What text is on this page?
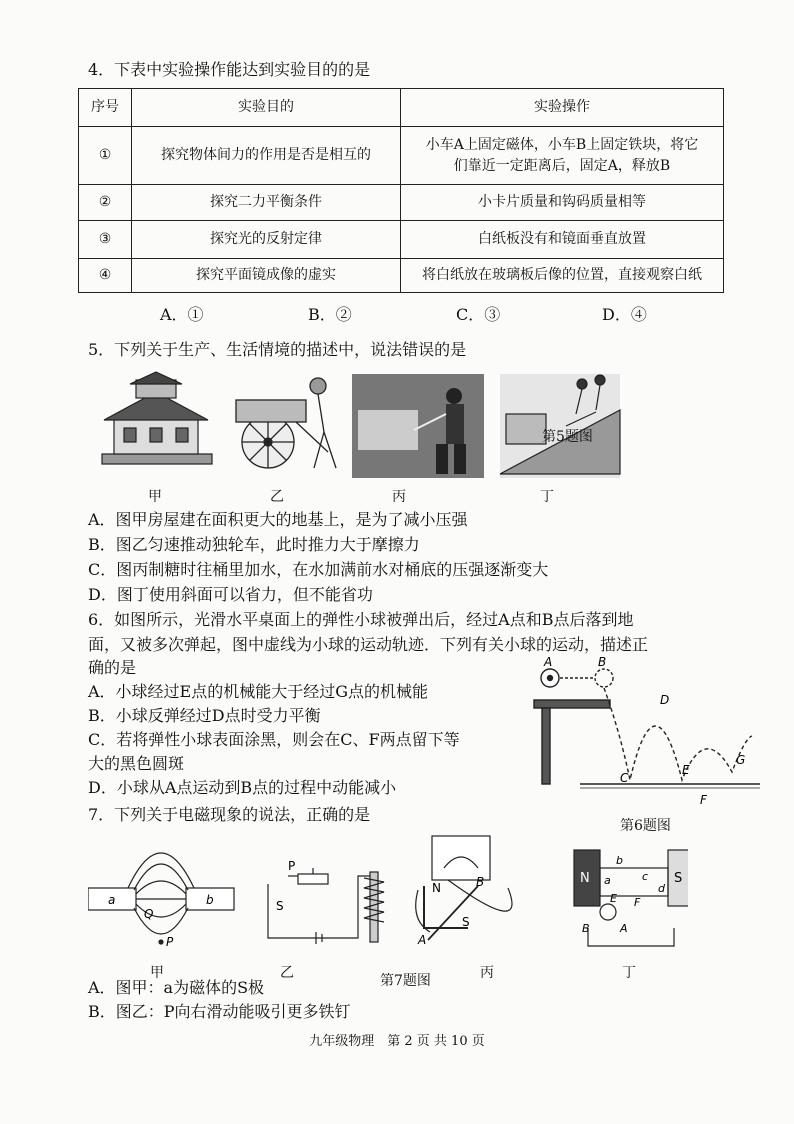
4．下表中实验操作能达到实验目的的是
序号	实验目的	实验操作
①	探究物体间力的作用是否是相互的	小车A上固定磁体，小车B上固定铁块，将它
们靠近一定距离后，固定A，释放B
②	探究二力平衡条件	小卡片质量和钩码质量相等
③	探究光的反射定律	白纸板没有和镜面垂直放置
④	探究平面镜成像的虚实	将白纸放在玻璃板后像的位置，直接观察白纸
A．①	B．②	C．③	D．④
5．下列关于生产、生活情境的描述中，说法错误的是
第5题图
甲	乙	丙	丁
A．图甲房屋建在面积更大的地基上，是为了减小压强
B．图乙匀速推动独轮车，此时推力大于摩擦力
C．图丙制糖时往桶里加水，在水加满前水对桶底的压强逐渐变大
D．图丁使用斜面可以省力，但不能省功
6．如图所示，光滑水平桌面上的弹性小球被弹出后，经过A点和B点后落到地
面，又被多次弹起，图中虚线为小球的运动轨迹．下列有关小球的运动，描述正
确的是
A．小球经过E点的机械能大于经过G点的机械能
B．小球反弹经过D点时受力平衡
C．若将弹性小球表面涂黑，则会在C、F两点留下等
大的黑色圆斑
D．小球从A点运动到B点的过程中动能减小
A	B
C
D
E
F
G
第6题图
7．下列关于电磁现象的说法，正确的是
a	b
Q
P
P
S
N
S
A
B	N	S
b
a	c
d
E F
B	A
甲	乙	第7题图	丙	丁
A．图甲：a为磁体的S极
B．图乙：P向右滑动能吸引更多铁钉
九年级物理　第 2 页 共 10 页
